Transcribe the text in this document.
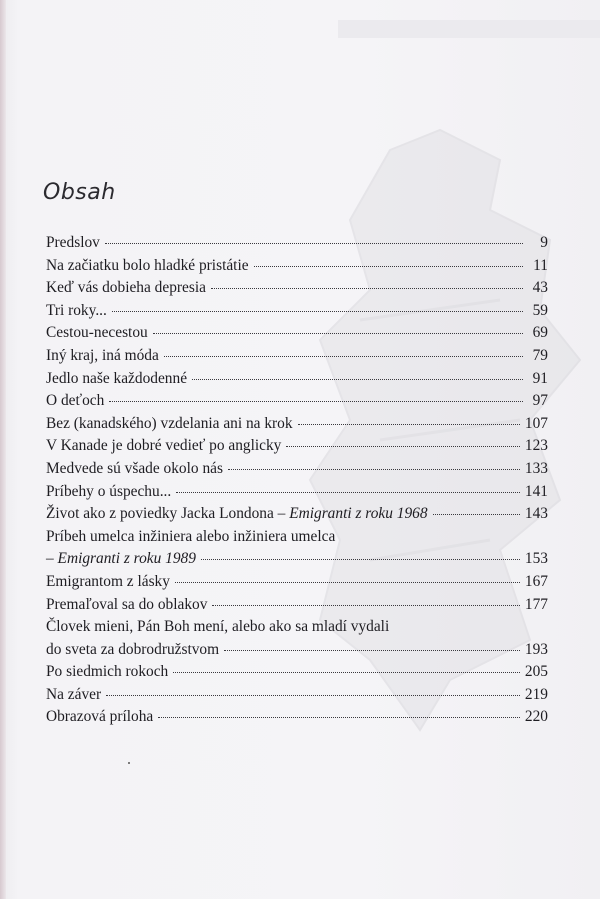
Obsah
Predslov	9
Na začiatku bolo hladké pristátie	11
Keď vás dobieha depresia	43
Tri roky...	59
Cestou-necestou	69
Iný kraj, iná móda	79
Jedlo naše každodenné	91
O deťoch	97
Bez (kanadského) vzdelania ani na krok	107
V Kanade je dobré vedieť po anglicky	123
Medvede sú všade okolo nás	133
Príbehy o úspechu...	141
Život ako z poviedky Jacka Londona – Emigranti z roku 1968	143
Príbeh umelca inžiniera alebo inžiniera umelca
– Emigranti z roku 1989	153
Emigrantom z lásky	167
Premaľoval sa do oblakov	177
Človek mieni, Pán Boh mení, alebo ako sa mladí vydali
do sveta za dobrodružstvom	193
Po siedmich rokoch	205
Na záver	219
Obrazová príloha	220
